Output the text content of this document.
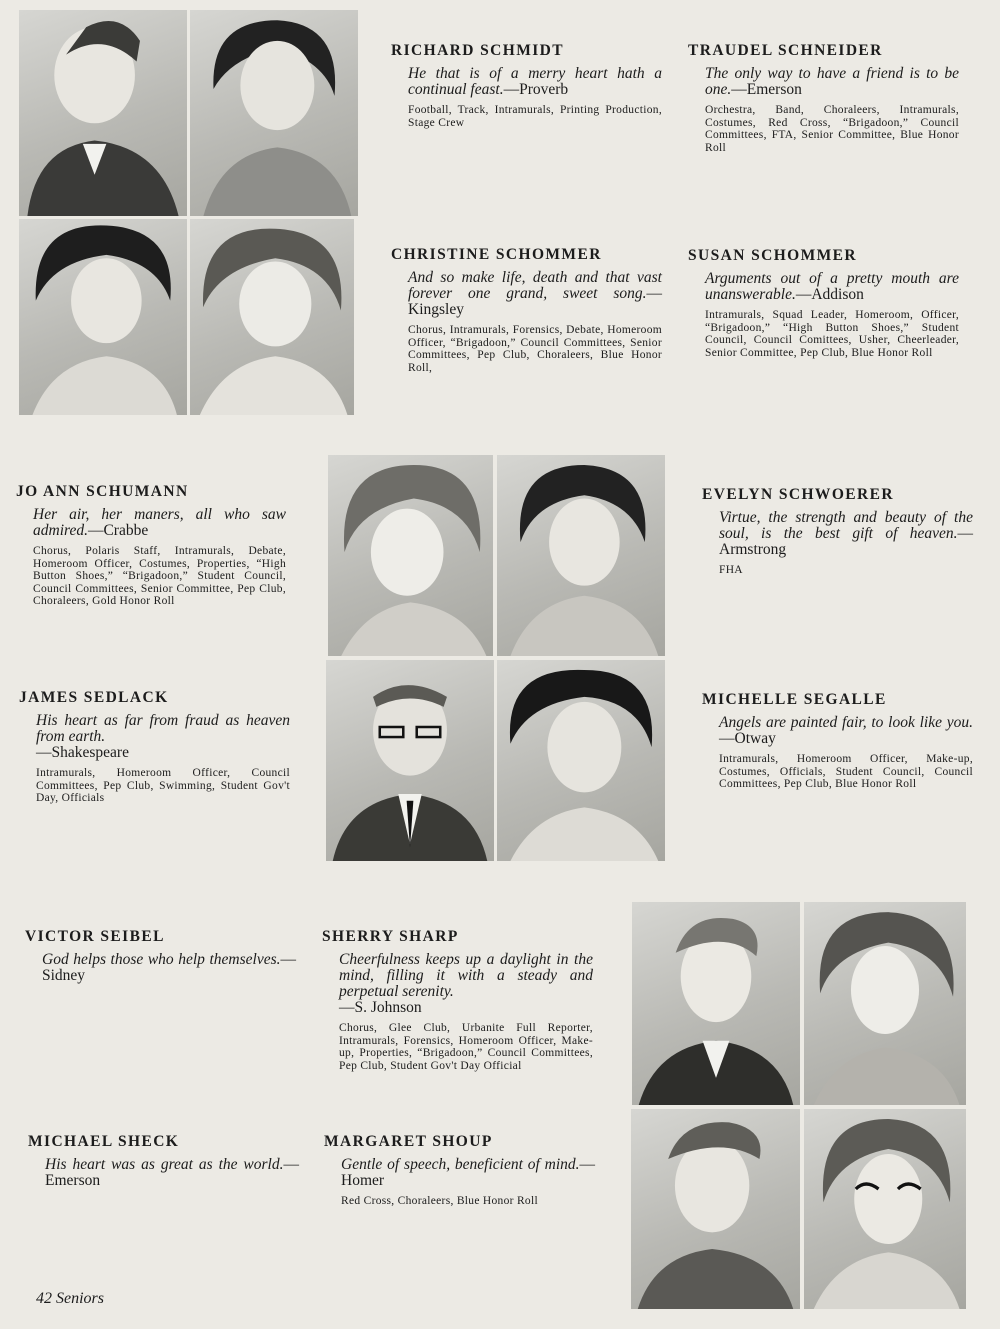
RICHARD SCHMIDT

He that is of a merry heart hath a continual feast.—Proverb

Football, Track, Intramurals, Printing Production, Stage Crew

TRAUDEL SCHNEIDER

The only way to have a friend is to be one.—Emerson

Orchestra, Band, Choraleers, Intramurals, Costumes, Red Cross, “Brigadoon,” Council Committees, FTA, Senior Committee, Blue Honor Roll

CHRISTINE SCHOMMER

And so make life, death and that vast forever one grand, sweet song.—Kingsley

Chorus, Intramurals, Forensics, Debate, Homeroom Officer, “Brigadoon,” Council Committees, Senior Committees, Pep Club, Choraleers, Blue Honor Roll,

SUSAN SCHOMMER

Arguments out of a pretty mouth are unanswerable.—Addison

Intramurals, Squad Leader, Homeroom, Officer, “Brigadoon,” “High Button Shoes,” Student Council, Council Comittees, Usher, Cheerleader, Senior Committee, Pep Club, Blue Honor Roll

JO ANN SCHUMANN

Her air, her maners, all who saw admired.—Crabbe

Chorus, Polaris Staff, Intramurals, Debate, Homeroom Officer, Costumes, Properties, “High Button Shoes,” “Brigadoon,” Student Council, Council Committees, Senior Committee, Pep Club, Choraleers, Gold Honor Roll

EVELYN SCHWOERER

Virtue, the strength and beauty of the soul, is the best gift of heaven.—Armstrong

FHA

JAMES SEDLACK

His heart as far from fraud as heaven from earth.
—Shakespeare

Intramurals, Homeroom Officer, Council Committees, Pep Club, Swimming, Student Gov't Day, Officials

MICHELLE SEGALLE

Angels are painted fair, to look like you.—Otway

Intramurals, Homeroom Officer, Make-up, Costumes, Officials, Student Council, Council Committees, Pep Club, Blue Honor Roll

VICTOR SEIBEL

God helps those who help themselves.—Sidney

SHERRY SHARP

Cheerfulness keeps up a daylight in the mind, filling it with a steady and perpetual serenity.
—S. Johnson

Chorus, Glee Club, Urbanite Full Reporter, Intramurals, Forensics, Homeroom Officer, Make-up, Properties, “Brigadoon,” Council Committees, Pep Club, Student Gov't Day Official

MICHAEL SHECK

His heart was as great as the world.—Emerson

MARGARET SHOUP

Gentle of speech, beneficient of mind.—Homer

Red Cross, Choraleers, Blue Honor Roll

42 Seniors
